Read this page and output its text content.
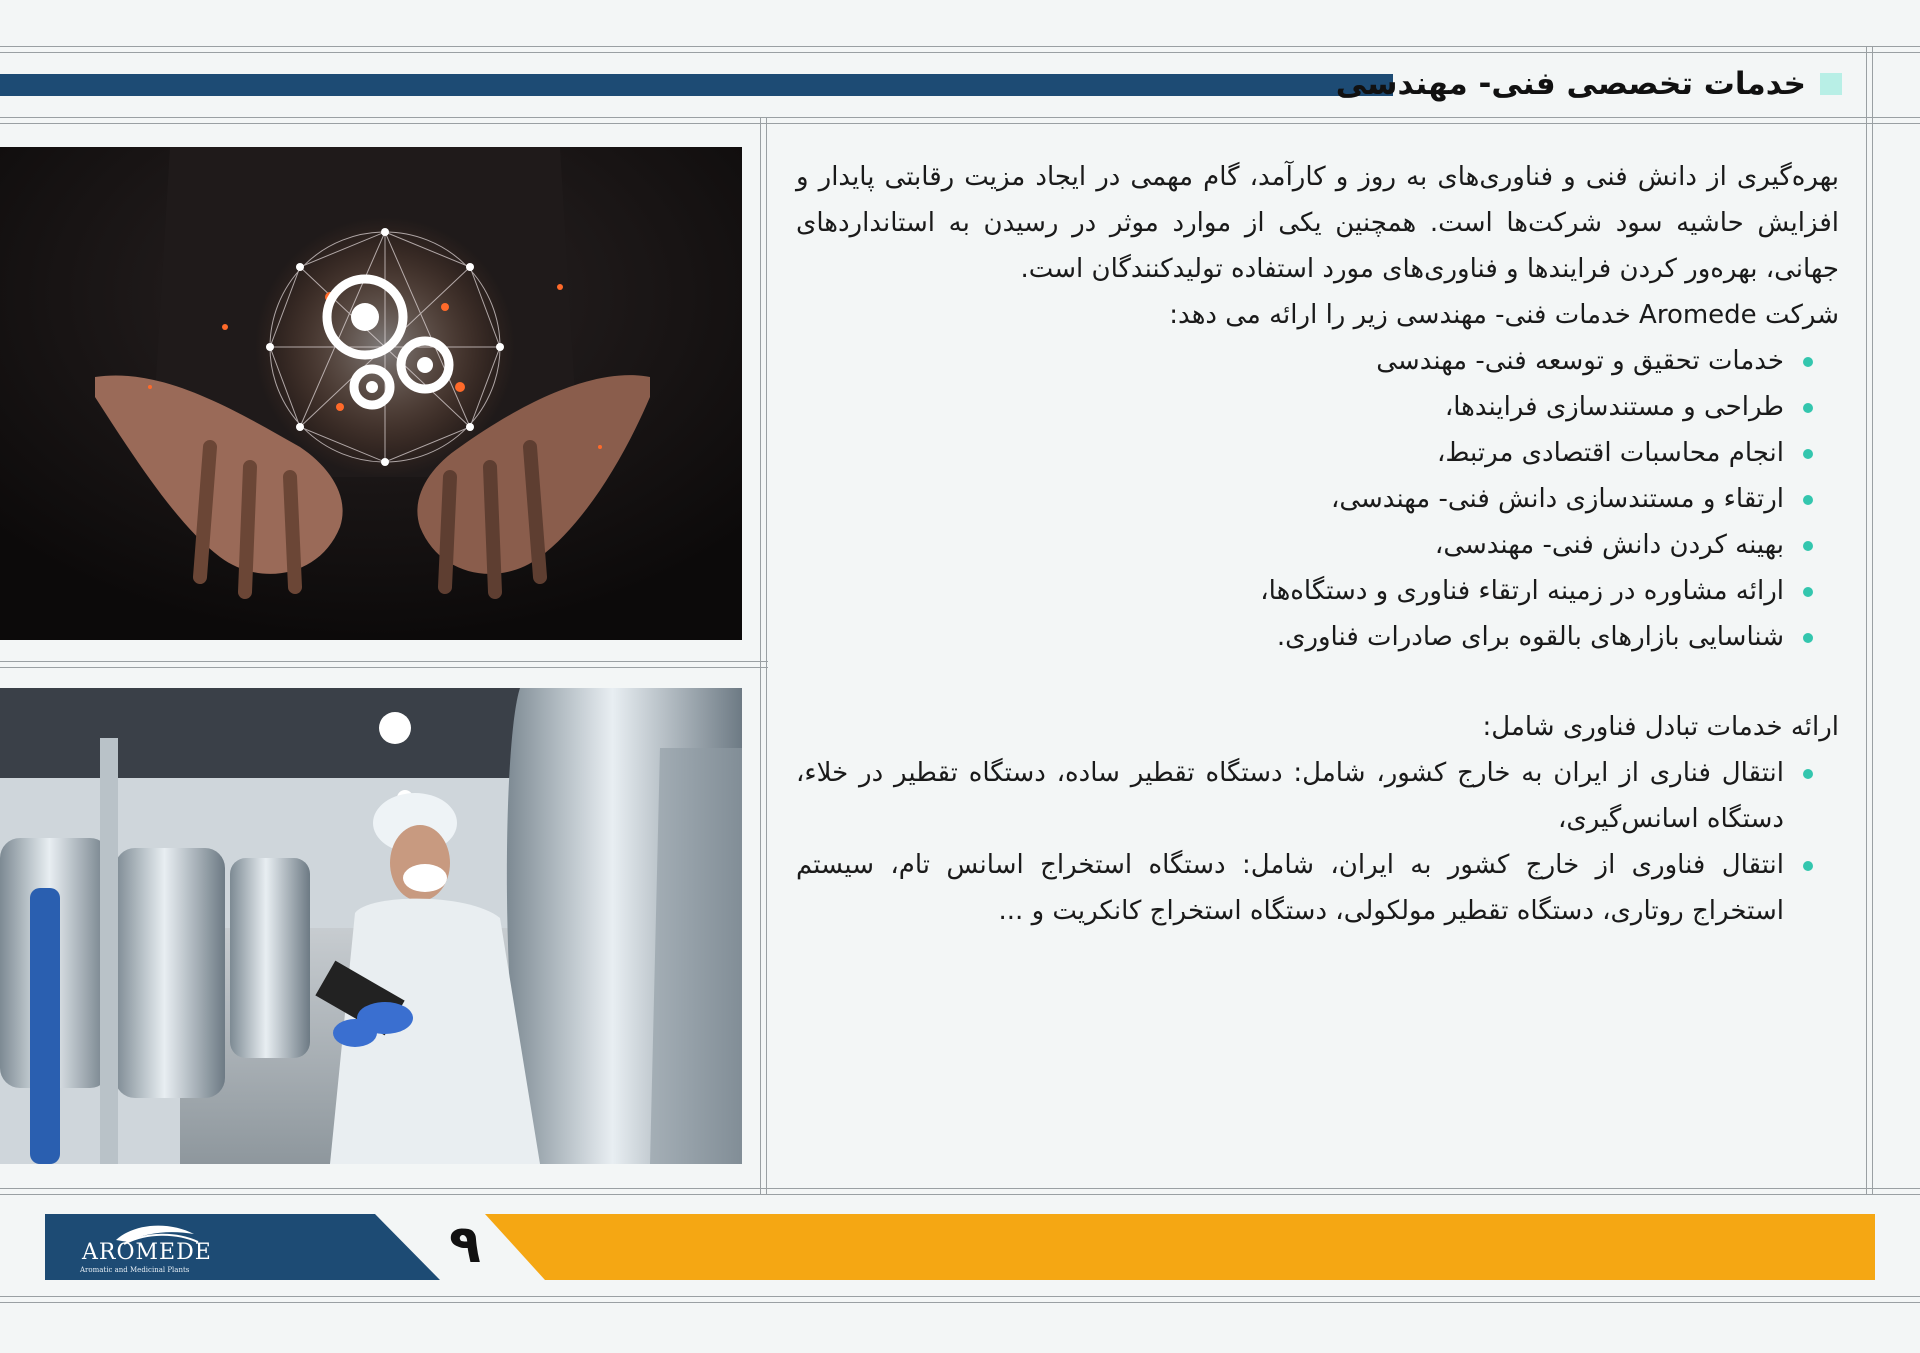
خدمات تخصصی فنی- مهندسی

بهره‌گیری از دانش فنی و فناوری‌های به روز و کارآمد، گام مهمی در ایجاد مزیت رقابتی پایدار و افزایش حاشیه سود شرکت‌ها است. همچنین یکی از موارد موثر در رسیدن به استانداردهای جهانی، بهره‌ور کردن فرایندها و فناوری‌های مورد استفاده تولیدکنندگان است.

شرکت Aromede خدمات فنی- مهندسی زیر را ارائه می دهد:

خدمات تحقیق و توسعه فنی- مهندسی
طراحی و مستندسازی فرایندها،
انجام محاسبات اقتصادی مرتبط،
ارتقاء و مستندسازی دانش فنی- مهندسی،
بهینه کردن دانش فنی- مهندسی،
ارائه مشاوره در زمینه ارتقاء فناوری و دستگاه‌ها،
شناسایی بازارهای بالقوه برای صادرات فناوری.

ارائه خدمات تبادل فناوری شامل:

انتقال فناری از ایران به خارج کشور، شامل: دستگاه تقطیر ساده، دستگاه تقطیر در خلاء، دستگاه اسانس‌گیری،
انتقال فناوری از خارج کشور به ایران، شامل: دستگاه استخراج اسانس تام، سیستم استخراج روتاری، دستگاه تقطیر مولکولی، دستگاه استخراج کانکریت و ...
۹
AROMEDE
Aromatic and Medicinal Plants
